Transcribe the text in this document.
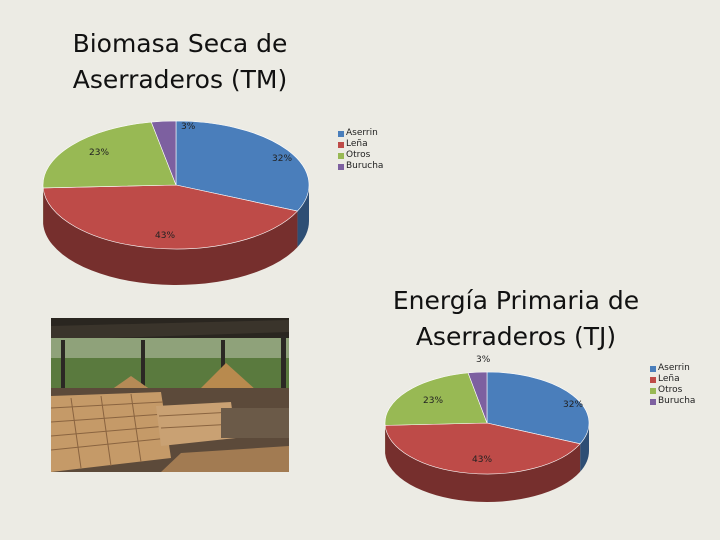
Biomasa Seca de
Aserraderos (TM)
Energía Primaria de
Aserraderos (TJ)
32%
43%
23%
3%
32%
43%
23%
3%
Aserrin
Leña
Otros
Burucha
Aserrin
Leña
Otros
Burucha
